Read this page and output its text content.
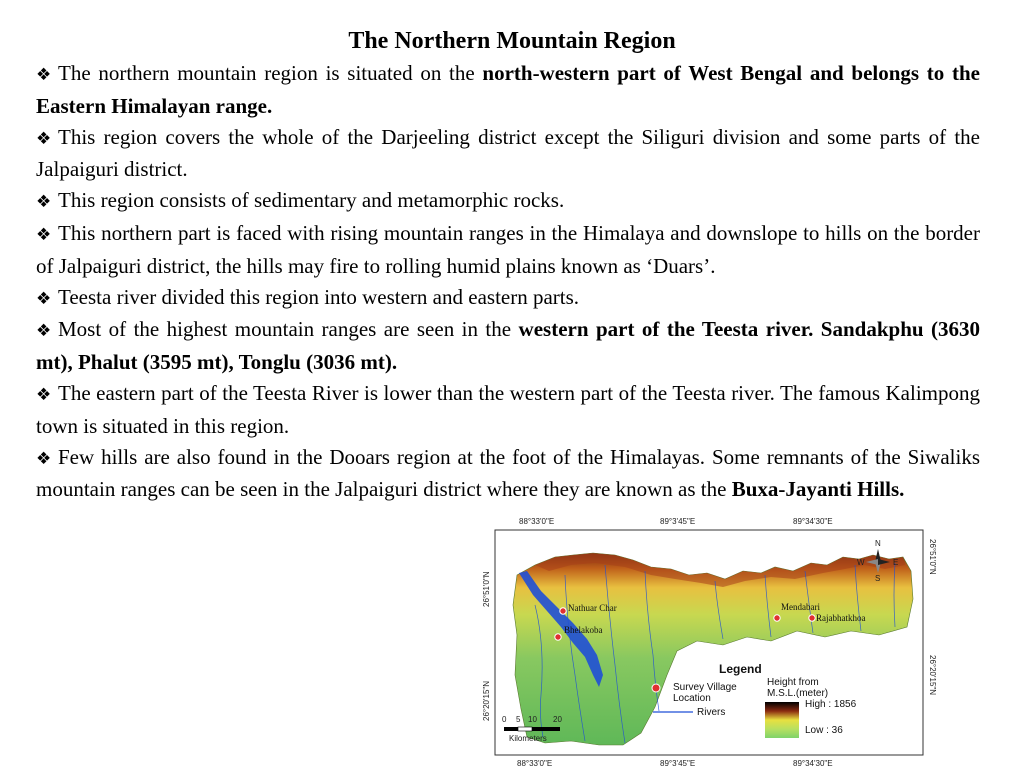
The Northern Mountain Region

❖ The northern mountain region is situated on the north-western part of West Bengal and belongs to the Eastern Himalayan range.

❖ This region covers the whole of the Darjeeling district except the Siliguri division and some parts of the Jalpaiguri district.

❖ This region consists of sedimentary and metamorphic rocks.

❖ This northern part is faced with rising mountain ranges in the Himalaya and downslope to hills on the border of Jalpaiguri district, the hills may fire to rolling humid plains known as ‘Duars’.

❖ Teesta river divided this region into western and eastern parts.

❖ Most of the highest mountain ranges are seen in the western part of the Teesta river. Sandakphu (3630 mt), Phalut (3595 mt), Tonglu (3036 mt).

❖ The eastern part of the Teesta River is lower than the western part of the Teesta river. The famous Kalimpong town is situated in this region.

❖ Few hills are also found in the Dooars region at the foot of the Himalayas. Some remnants of the Siwaliks mountain ranges can be seen in the Jalpaiguri district where they are known as the Buxa-Jayanti Hills.

88°33'0"E	89°3'45"E	89°34'30"E
88°33'0"E	89°3'45"E	89°34'30"E
26°51'0"N
26°20'15"N
26°51'0"N
26°20'15"N
Nathuar Char
Bhelakoba
Mendabari
Rajabhatkhoa
N
W	E
S
Legend
Survey Village Location
Rivers
Height from M.S.L.(meter)
High : 1856
Low : 36
0 5 10 20
Kilometers
